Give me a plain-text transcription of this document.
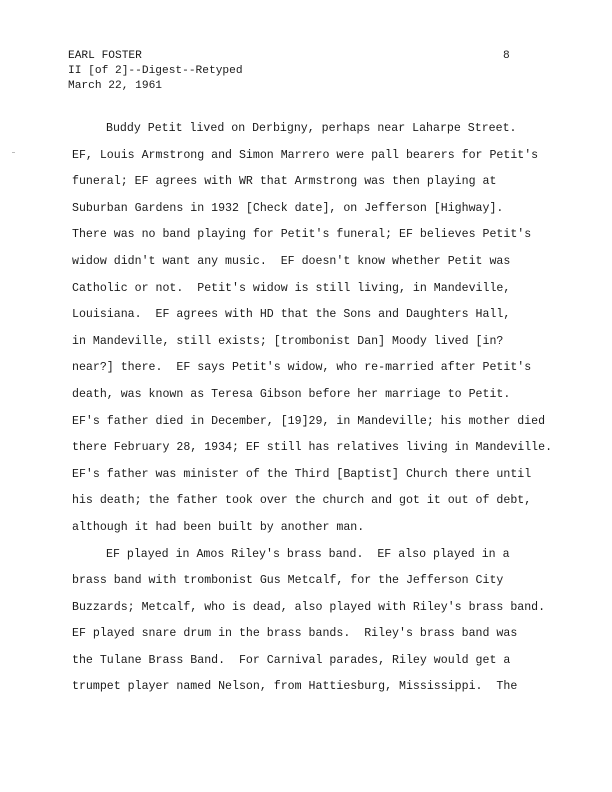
EARL FOSTER
II [of 2]--Digest--Retyped
March 22, 1961
8
Buddy Petit lived on Derbigny, perhaps near Laharpe Street.
EF, Louis Armstrong and Simon Marrero were pall bearers for Petit's
funeral; EF agrees with WR that Armstrong was then playing at
Suburban Gardens in 1932 [Check date], on Jefferson [Highway].
There was no band playing for Petit's funeral; EF believes Petit's
widow didn't want any music.  EF doesn't know whether Petit was
Catholic or not.  Petit's widow is still living, in Mandeville,
Louisiana.  EF agrees with HD that the Sons and Daughters Hall,
in Mandeville, still exists; [trombonist Dan] Moody lived [in?
near?] there.  EF says Petit's widow, who re-married after Petit's
death, was known as Teresa Gibson before her marriage to Petit.
EF's father died in December, [19]29, in Mandeville; his mother died
there February 28, 1934; EF still has relatives living in Mandeville.
EF's father was minister of the Third [Baptist] Church there until
his death; the father took over the church and got it out of debt,
although it had been built by another man.
EF played in Amos Riley's brass band.  EF also played in a
brass band with trombonist Gus Metcalf, for the Jefferson City
Buzzards; Metcalf, who is dead, also played with Riley's brass band.
EF played snare drum in the brass bands.  Riley's brass band was
the Tulane Brass Band.  For Carnival parades, Riley would get a
trumpet player named Nelson, from Hattiesburg, Mississippi.  The
